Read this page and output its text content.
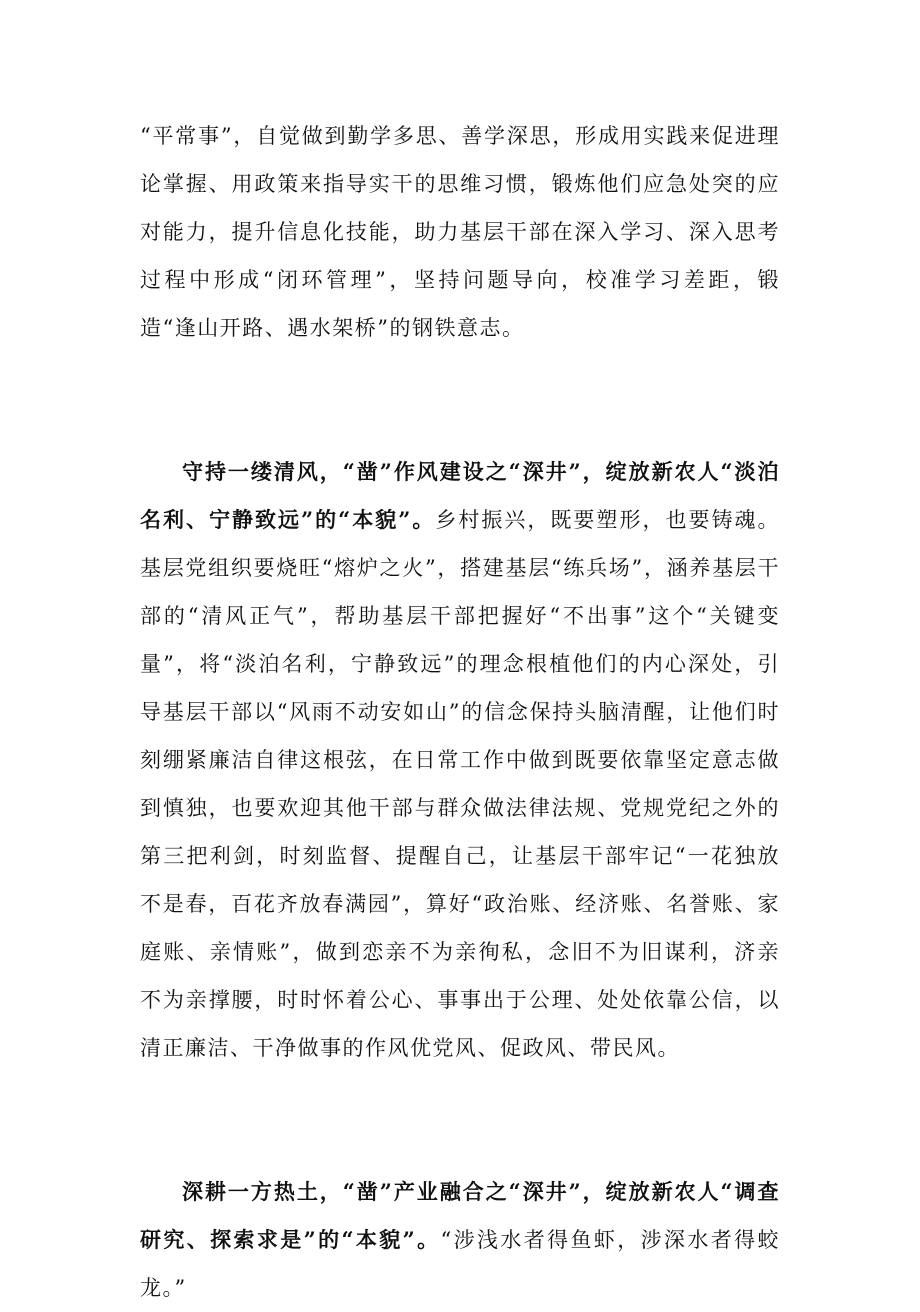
“平常事”，自觉做到勤学多思、善学深思，形成用实践来促进理论掌握、用政策来指导实干的思维习惯，锻炼他们应急处突的应对能力，提升信息化技能，助力基层干部在深入学习、深入思考过程中形成“闭环管理”，坚持问题导向，校准学习差距，锻造“逢山开路、遇水架桥”的钢铁意志。

守持一缕清风，“凿”作风建设之“深井”，绽放新农人“淡泊名利、宁静致远”的“本貌”。乡村振兴，既要塑形，也要铸魂。基层党组织要烧旺“熔炉之火”，搭建基层“练兵场”，涵养基层干部的“清风正气”，帮助基层干部把握好“不出事”这个“关键变量”，将“淡泊名利，宁静致远”的理念根植他们的内心深处，引导基层干部以“风雨不动安如山”的信念保持头脑清醒，让他们时刻绷紧廉洁自律这根弦，在日常工作中做到既要依靠坚定意志做到慎独，也要欢迎其他干部与群众做法律法规、党规党纪之外的第三把利剑，时刻监督、提醒自己，让基层干部牢记“一花独放不是春，百花齐放春满园”，算好“政治账、经济账、名誉账、家庭账、亲情账”，做到恋亲不为亲徇私，念旧不为旧谋利，济亲不为亲撑腰，时时怀着公心、事事出于公理、处处依靠公信，以清正廉洁、干净做事的作风优党风、促政风、带民风。

深耕一方热土，“凿”产业融合之“深井”，绽放新农人“调查研究、探索求是”的“本貌”。“涉浅水者得鱼虾，涉深水者得蛟龙。”
